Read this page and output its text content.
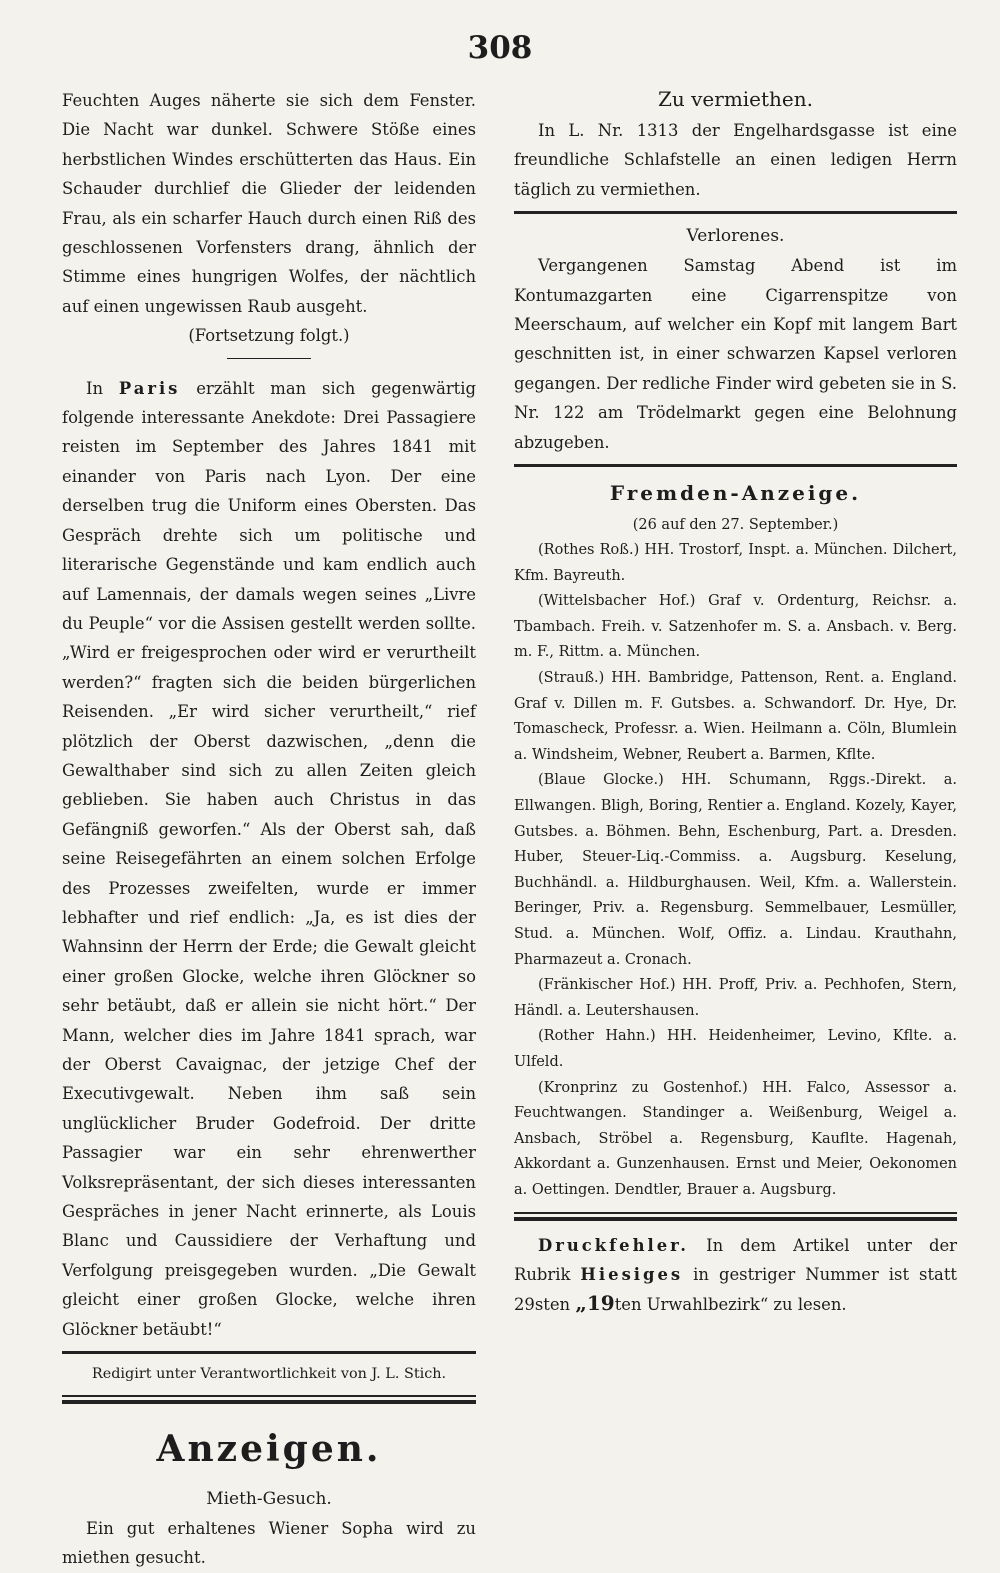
308

Feuchten Auges näherte sie sich dem Fenster. Die Nacht war dunkel. Schwere Stöße eines herbstlichen Windes erschütterten das Haus. Ein Schauder durchlief die Glieder der leidenden Frau, als ein scharfer Hauch durch einen Riß des geschlossenen Vorfensters drang, ähnlich der Stimme eines hungrigen Wolfes, der nächtlich auf einen ungewissen Raub ausgeht.

(Fortsetzung folgt.)

In Paris erzählt man sich gegenwärtig folgende interessante Anekdote: Drei Passagiere reisten im September des Jahres 1841 mit einander von Paris nach Lyon. Der eine derselben trug die Uniform eines Obersten. Das Gespräch drehte sich um politische und literarische Gegenstände und kam endlich auch auf Lamennais, der damals wegen seines „Livre du Peuple“ vor die Assisen gestellt werden sollte. „Wird er freigesprochen oder wird er verurtheilt werden?“ fragten sich die beiden bürgerlichen Reisenden. „Er wird sicher verurtheilt,“ rief plötzlich der Oberst dazwischen, „denn die Gewalthaber sind sich zu allen Zeiten gleich geblieben. Sie haben auch Christus in das Gefängniß geworfen.“ Als der Oberst sah, daß seine Reisegefährten an einem solchen Erfolge des Prozesses zweifelten, wurde er immer lebhafter und rief endlich: „Ja, es ist dies der Wahnsinn der Herrn der Erde; die Gewalt gleicht einer großen Glocke, welche ihren Glöckner so sehr betäubt, daß er allein sie nicht hört.“ Der Mann, welcher dies im Jahre 1841 sprach, war der Oberst Cavaignac, der jetzige Chef der Executivgewalt. Neben ihm saß sein unglücklicher Bruder Godefroid. Der dritte Passagier war ein sehr ehrenwerther Volksrepräsentant, der sich dieses interessanten Gespräches in jener Nacht erinnerte, als Louis Blanc und Caussidiere der Verhaftung und Verfolgung preisgegeben wurden. „Die Gewalt gleicht einer großen Glocke, welche ihren Glöckner betäubt!“

Redigirt unter Verantwortlichkeit von J. L. Stich.
Anzeigen.
Mieth-Gesuch.

Ein gut erhaltenes Wiener Sopha wird zu miethen gesucht.

Zu vermiethen.

In L. Nr. 1313 der Engelhardsgasse ist eine freundliche Schlafstelle an einen ledigen Herrn täglich zu vermiethen.

Verlorenes.

Vergangenen Samstag Abend ist im Kontumazgarten eine Cigarrenspitze von Meerschaum, auf welcher ein Kopf mit langem Bart geschnitten ist, in einer schwarzen Kapsel verloren gegangen. Der redliche Finder wird gebeten sie in S. Nr. 122 am Trödelmarkt gegen eine Belohnung abzugeben.

Fremden-Anzeige.
(26 auf den 27. September.)

(Rothes Roß.) HH. Trostorf, Inspt. a. München. Dilchert, Kfm. Bayreuth.

(Wittelsbacher Hof.) Graf v. Ordenturg, Reichsr. a. Tbambach. Freih. v. Satzenhofer m. S. a. Ansbach. v. Berg. m. F., Rittm. a. München.

(Strauß.) HH. Bambridge, Pattenson, Rent. a. England. Graf v. Dillen m. F. Gutsbes. a. Schwandorf. Dr. Hye, Dr. Tomascheck, Professr. a. Wien. Heilmann a. Cöln, Blumlein a. Windsheim, Webner, Reubert a. Barmen, Kflte.

(Blaue Glocke.) HH. Schumann, Rggs.-Direkt. a. Ellwangen. Bligh, Boring, Rentier a. England. Kozely, Kayer, Gutsbes. a. Böhmen. Behn, Eschenburg, Part. a. Dresden. Huber, Steuer-Liq.-Commiss. a. Augsburg. Keselung, Buchhändl. a. Hildburghausen. Weil, Kfm. a. Wallerstein. Beringer, Priv. a. Regensburg. Semmelbauer, Lesmüller, Stud. a. München. Wolf, Offiz. a. Lindau. Krauthahn, Pharmazeut a. Cronach.

(Fränkischer Hof.) HH. Proff, Priv. a. Pechhofen, Stern, Händl. a. Leutershausen.

(Rother Hahn.) HH. Heidenheimer, Levino, Kflte. a. Ulfeld.

(Kronprinz zu Gostenhof.) HH. Falco, Assessor a. Feuchtwangen. Standinger a. Weißenburg, Weigel a. Ansbach, Ströbel a. Regensburg, Kaufltе. Hagenah, Akkordant a. Gunzenhausen. Ernst und Meier, Oekonomen a. Oettingen. Dendtler, Brauer a. Augsburg.

Druckfehler. In dem Artikel unter der Rubrik Hiesiges in gestriger Nummer ist statt 29sten „19ten Urwahlbezirk“ zu lesen.
